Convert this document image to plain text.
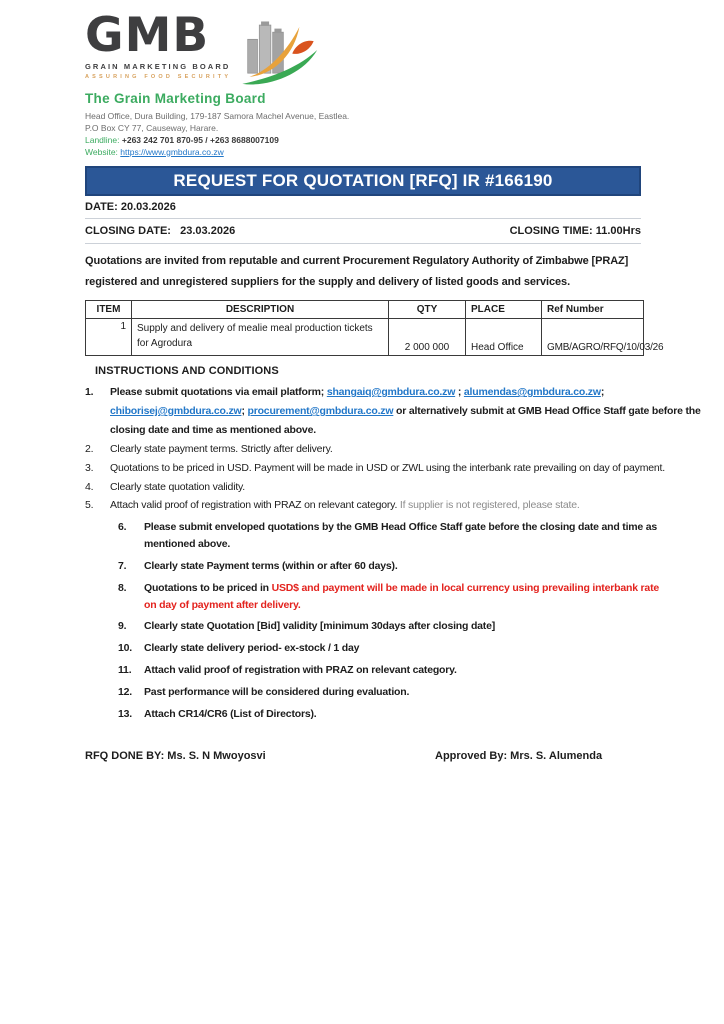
GMB
GRAIN MARKETING BOARD
ASSURING FOOD SECURITY
The Grain Marketing Board
Head Office, Dura Building, 179-187 Samora Machel Avenue, Eastlea.
P.O Box CY 77, Causeway, Harare.
Landline: +263 242 701 870-95 / +263 8688007109
Website: https://www.gmbdura.co.zw
REQUEST FOR QUOTATION [RFQ] IR #166190
DATE: 20.03.2026
CLOSING DATE:   23.03.2026	CLOSING TIME: 11.00Hrs
Quotations are invited from reputable and current Procurement Regulatory Authority of Zimbabwe [PRAZ] registered and unregistered suppliers for the supply and delivery of listed goods and services.
ITEM	DESCRIPTION	QTY	PLACE	Ref Number
1	Supply and delivery of mealie meal production tickets for Agrodura	2 000 000	Head Office	GMB/AGRO/RFQ/10/03/26
INSTRUCTIONS AND CONDITIONS
1.	Please submit quotations via email platform; shangaiq@gmbdura.co.zw ; alumendas@gmbdura.co.zw; chiborisej@gmbdura.co.zw; procurement@gmbdura.co.zw or alternatively submit at GMB Head Office Staff gate before the closing date and time as mentioned above.
2.	Clearly state payment terms. Strictly after delivery.
3.	Quotations to be priced in USD. Payment will be made in USD or ZWL using the interbank rate prevailing on day of payment.
4.	Clearly state quotation validity.
5.	Attach valid proof of registration with PRAZ on relevant category. If supplier is not registered, please state.
6.	Please submit enveloped quotations by the GMB Head Office Staff gate before the closing date and time as mentioned above.
7.	Clearly state Payment terms (within or after 60 days).
8.	Quotations to be priced in USD$ and payment will be made in local currency using prevailing interbank rate on day of payment after delivery.
9.	Clearly state Quotation [Bid] validity [minimum 30days after closing date]
10.	Clearly state delivery period- ex-stock / 1 day
11.	Attach valid proof of registration with PRAZ on relevant category.
12.	Past performance will be considered during evaluation.
13.	Attach CR14/CR6 (List of Directors).
RFQ DONE BY: Ms. S. N Mwoyosvi	Approved By: Mrs. S. Alumenda
